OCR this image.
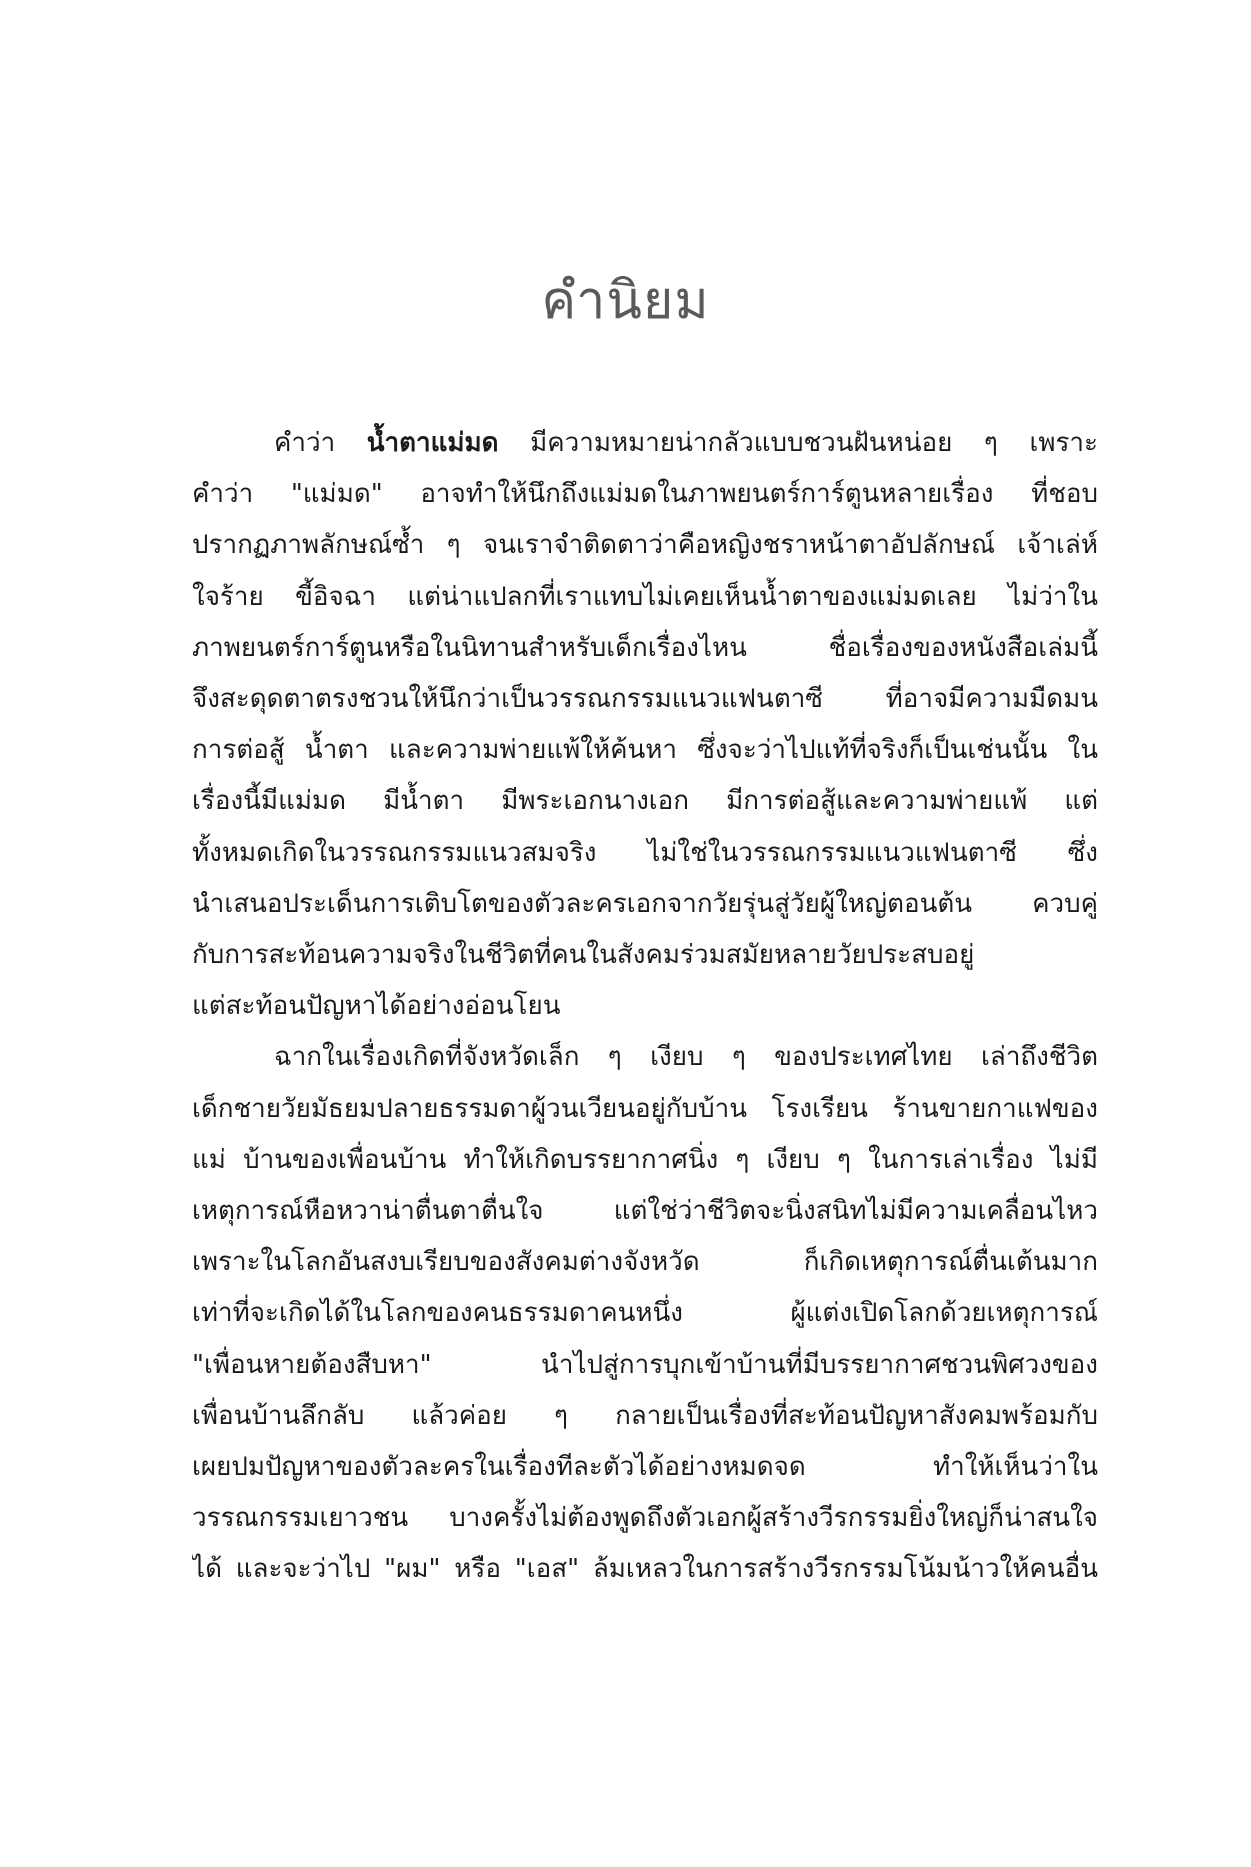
คำนิยม
คำว่า น้ำตาแม่มด มีความหมายน่ากลัวแบบชวนฝันหน่อย ๆ เพราะ
คำว่า "แม่มด" อาจทำให้นึกถึงแม่มดในภาพยนตร์การ์ตูนหลายเรื่อง ที่ชอบ
ปรากฏภาพลักษณ์ซ้ำ ๆ จนเราจำติดตาว่าคือหญิงชราหน้าตาอัปลักษณ์ เจ้าเล่ห์
ใจร้าย ขี้อิจฉา แต่น่าแปลกที่เราแทบไม่เคยเห็นน้ำตาของแม่มดเลย ไม่ว่าใน
ภาพยนตร์การ์ตูนหรือในนิทานสำหรับเด็กเรื่องไหน ชื่อเรื่องของหนังสือเล่มนี้
จึงสะดุดตาตรงชวนให้นึกว่าเป็นวรรณกรรมแนวแฟนตาซี ที่อาจมีความมืดมน
การต่อสู้ น้ำตา และความพ่ายแพ้ให้ค้นหา ซึ่งจะว่าไปแท้ที่จริงก็เป็นเช่นนั้น ใน
เรื่องนี้มีแม่มด มีน้ำตา มีพระเอกนางเอก มีการต่อสู้และความพ่ายแพ้ แต่
ทั้งหมดเกิดในวรรณกรรมแนวสมจริง ไม่ใช่ในวรรณกรรมแนวแฟนตาซี ซึ่ง
นำเสนอประเด็นการเติบโตของตัวละครเอกจากวัยรุ่นสู่วัยผู้ใหญ่ตอนต้น ควบคู่
กับการสะท้อนความจริงในชีวิตที่คนในสังคมร่วมสมัยหลายวัยประสบอยู่
แต่สะท้อนปัญหาได้อย่างอ่อนโยน
ฉากในเรื่องเกิดที่จังหวัดเล็ก ๆ เงียบ ๆ ของประเทศไทย เล่าถึงชีวิต
เด็กชายวัยมัธยมปลายธรรมดาผู้วนเวียนอยู่กับบ้าน โรงเรียน ร้านขายกาแฟของ
แม่ บ้านของเพื่อนบ้าน ทำให้เกิดบรรยากาศนิ่ง ๆ เงียบ ๆ ในการเล่าเรื่อง ไม่มี
เหตุการณ์หือหวาน่าตื่นตาตื่นใจ แต่ใช่ว่าชีวิตจะนิ่งสนิทไม่มีความเคลื่อนไหว
เพราะในโลกอันสงบเรียบของสังคมต่างจังหวัด ก็เกิดเหตุการณ์ตื่นเต้นมาก
เท่าที่จะเกิดได้ในโลกของคนธรรมดาคนหนึ่ง ผู้แต่งเปิดโลกด้วยเหตุการณ์
"เพื่อนหายต้องสืบหา" นำไปสู่การบุกเข้าบ้านที่มีบรรยากาศชวนพิศวงของ
เพื่อนบ้านลึกลับ แล้วค่อย ๆ กลายเป็นเรื่องที่สะท้อนปัญหาสังคมพร้อมกับ
เผยปมปัญหาของตัวละครในเรื่องทีละตัวได้อย่างหมดจด ทำให้เห็นว่าใน
วรรณกรรมเยาวชน บางครั้งไม่ต้องพูดถึงตัวเอกผู้สร้างวีรกรรมยิ่งใหญ่ก็น่าสนใจ
ได้ และจะว่าไป "ผม" หรือ "เอส" ล้มเหลวในการสร้างวีรกรรมโน้มน้าวให้คนอื่น
